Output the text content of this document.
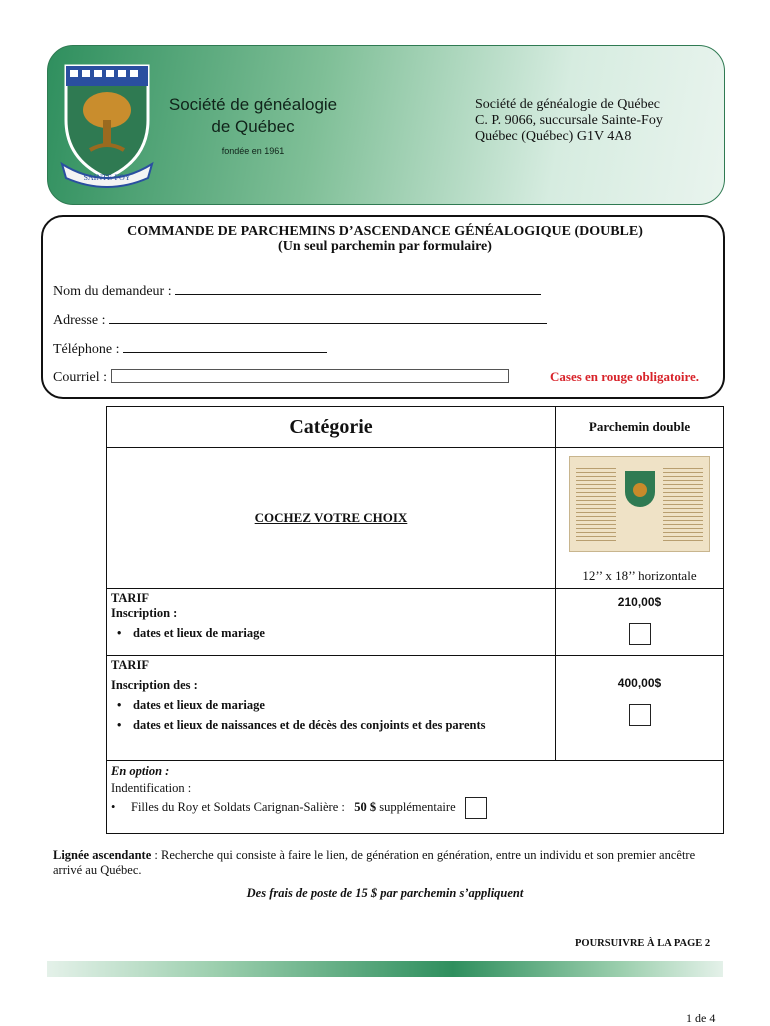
SAINTE-FOY
Société de généalogie
de Québec
fondée en 1961
Société de généalogie de Québec
C. P. 9066, succursale Sainte-Foy
Québec (Québec) G1V 4A8
COMMANDE DE PARCHEMINS D’ASCENDANCE GÉNÉALOGIQUE (DOUBLE)
(Un seul parchemin par formulaire)
Nom du demandeur :
Adresse :
Téléphone :
Courriel :	Cases en rouge obligatoire.
Catégorie	Parchemin double
COCHEZ VOTRE CHOIX	12’’ x 18’’ horizontale

TARIF
Inscription :
• dates et lieux de mariage	210,00$

TARIF
Inscription des :
• dates et lieux de mariage
• dates et lieux de naissances et de décès des conjoints et des parents	400,00$

En option :
Indentification :
• Filles du Roy et Soldats Carignan-Salière : 50 $ supplémentaire	
Lignée ascendante : Recherche qui consiste à faire le lien, de génération en génération, entre un individu et son premier ancêtre arrivé au Québec.
Des frais de poste de 15 $ par parchemin s’appliquent
POURSUIVRE À LA PAGE 2
1 de 4
